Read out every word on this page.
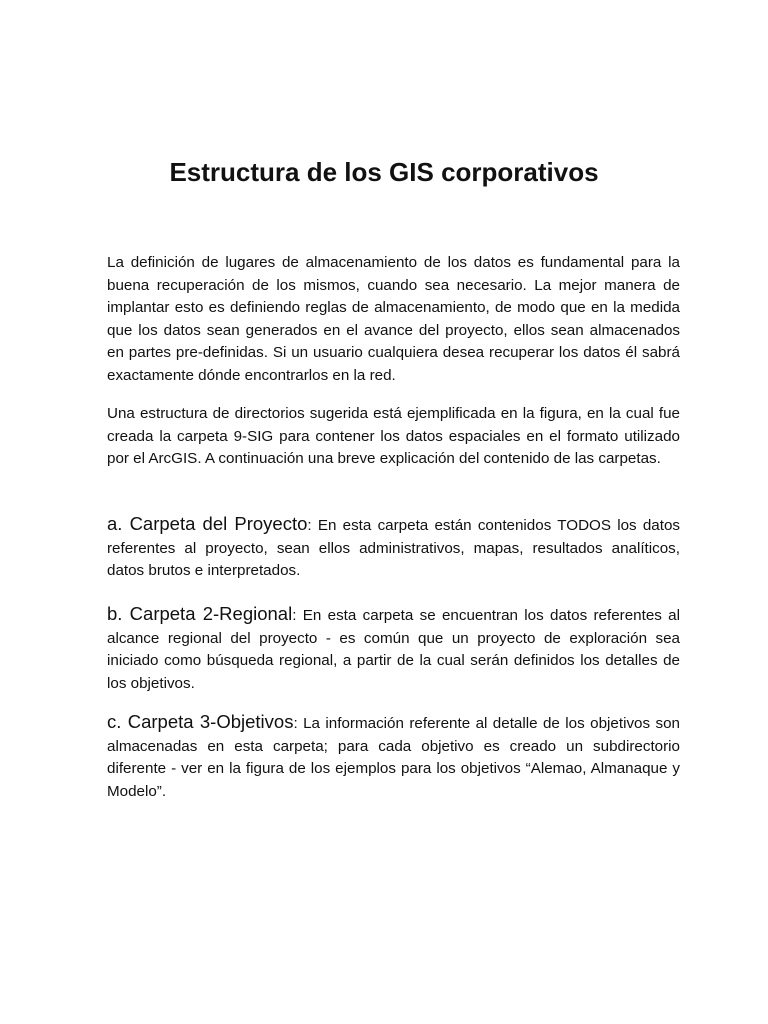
Estructura de los GIS corporativos

La definición de lugares de almacenamiento de los datos es fundamental para la buena recuperación de los mismos, cuando sea necesario. La mejor manera de implantar esto es definiendo reglas de almacenamiento, de modo que en la medida que los datos sean generados en el avance del proyecto, ellos sean almacenados en partes pre-definidas. Si un usuario cualquiera desea recuperar los datos él sabrá exactamente dónde encontrarlos en la red.

Una estructura de directorios sugerida está ejemplificada en la figura, en la cual fue creada la carpeta 9-SIG para contener los datos espaciales en el formato utilizado por el ArcGIS. A continuación una breve explicación del contenido de las carpetas.

a. Carpeta del Proyecto: En esta carpeta están contenidos TODOS los datos referentes al proyecto, sean ellos administrativos, mapas, resultados analíticos, datos brutos e interpretados.

b. Carpeta 2-Regional: En esta carpeta se encuentran los datos referentes al alcance regional del proyecto - es común que un proyecto de exploración sea iniciado como búsqueda regional, a partir de la cual serán definidos los detalles de los objetivos.

c. Carpeta 3-Objetivos: La información referente al detalle de los objetivos son almacenadas en esta carpeta; para cada objetivo es creado un subdirectorio diferente - ver en la figura de los ejemplos para los objetivos “Alemao, Almanaque y Modelo”.
